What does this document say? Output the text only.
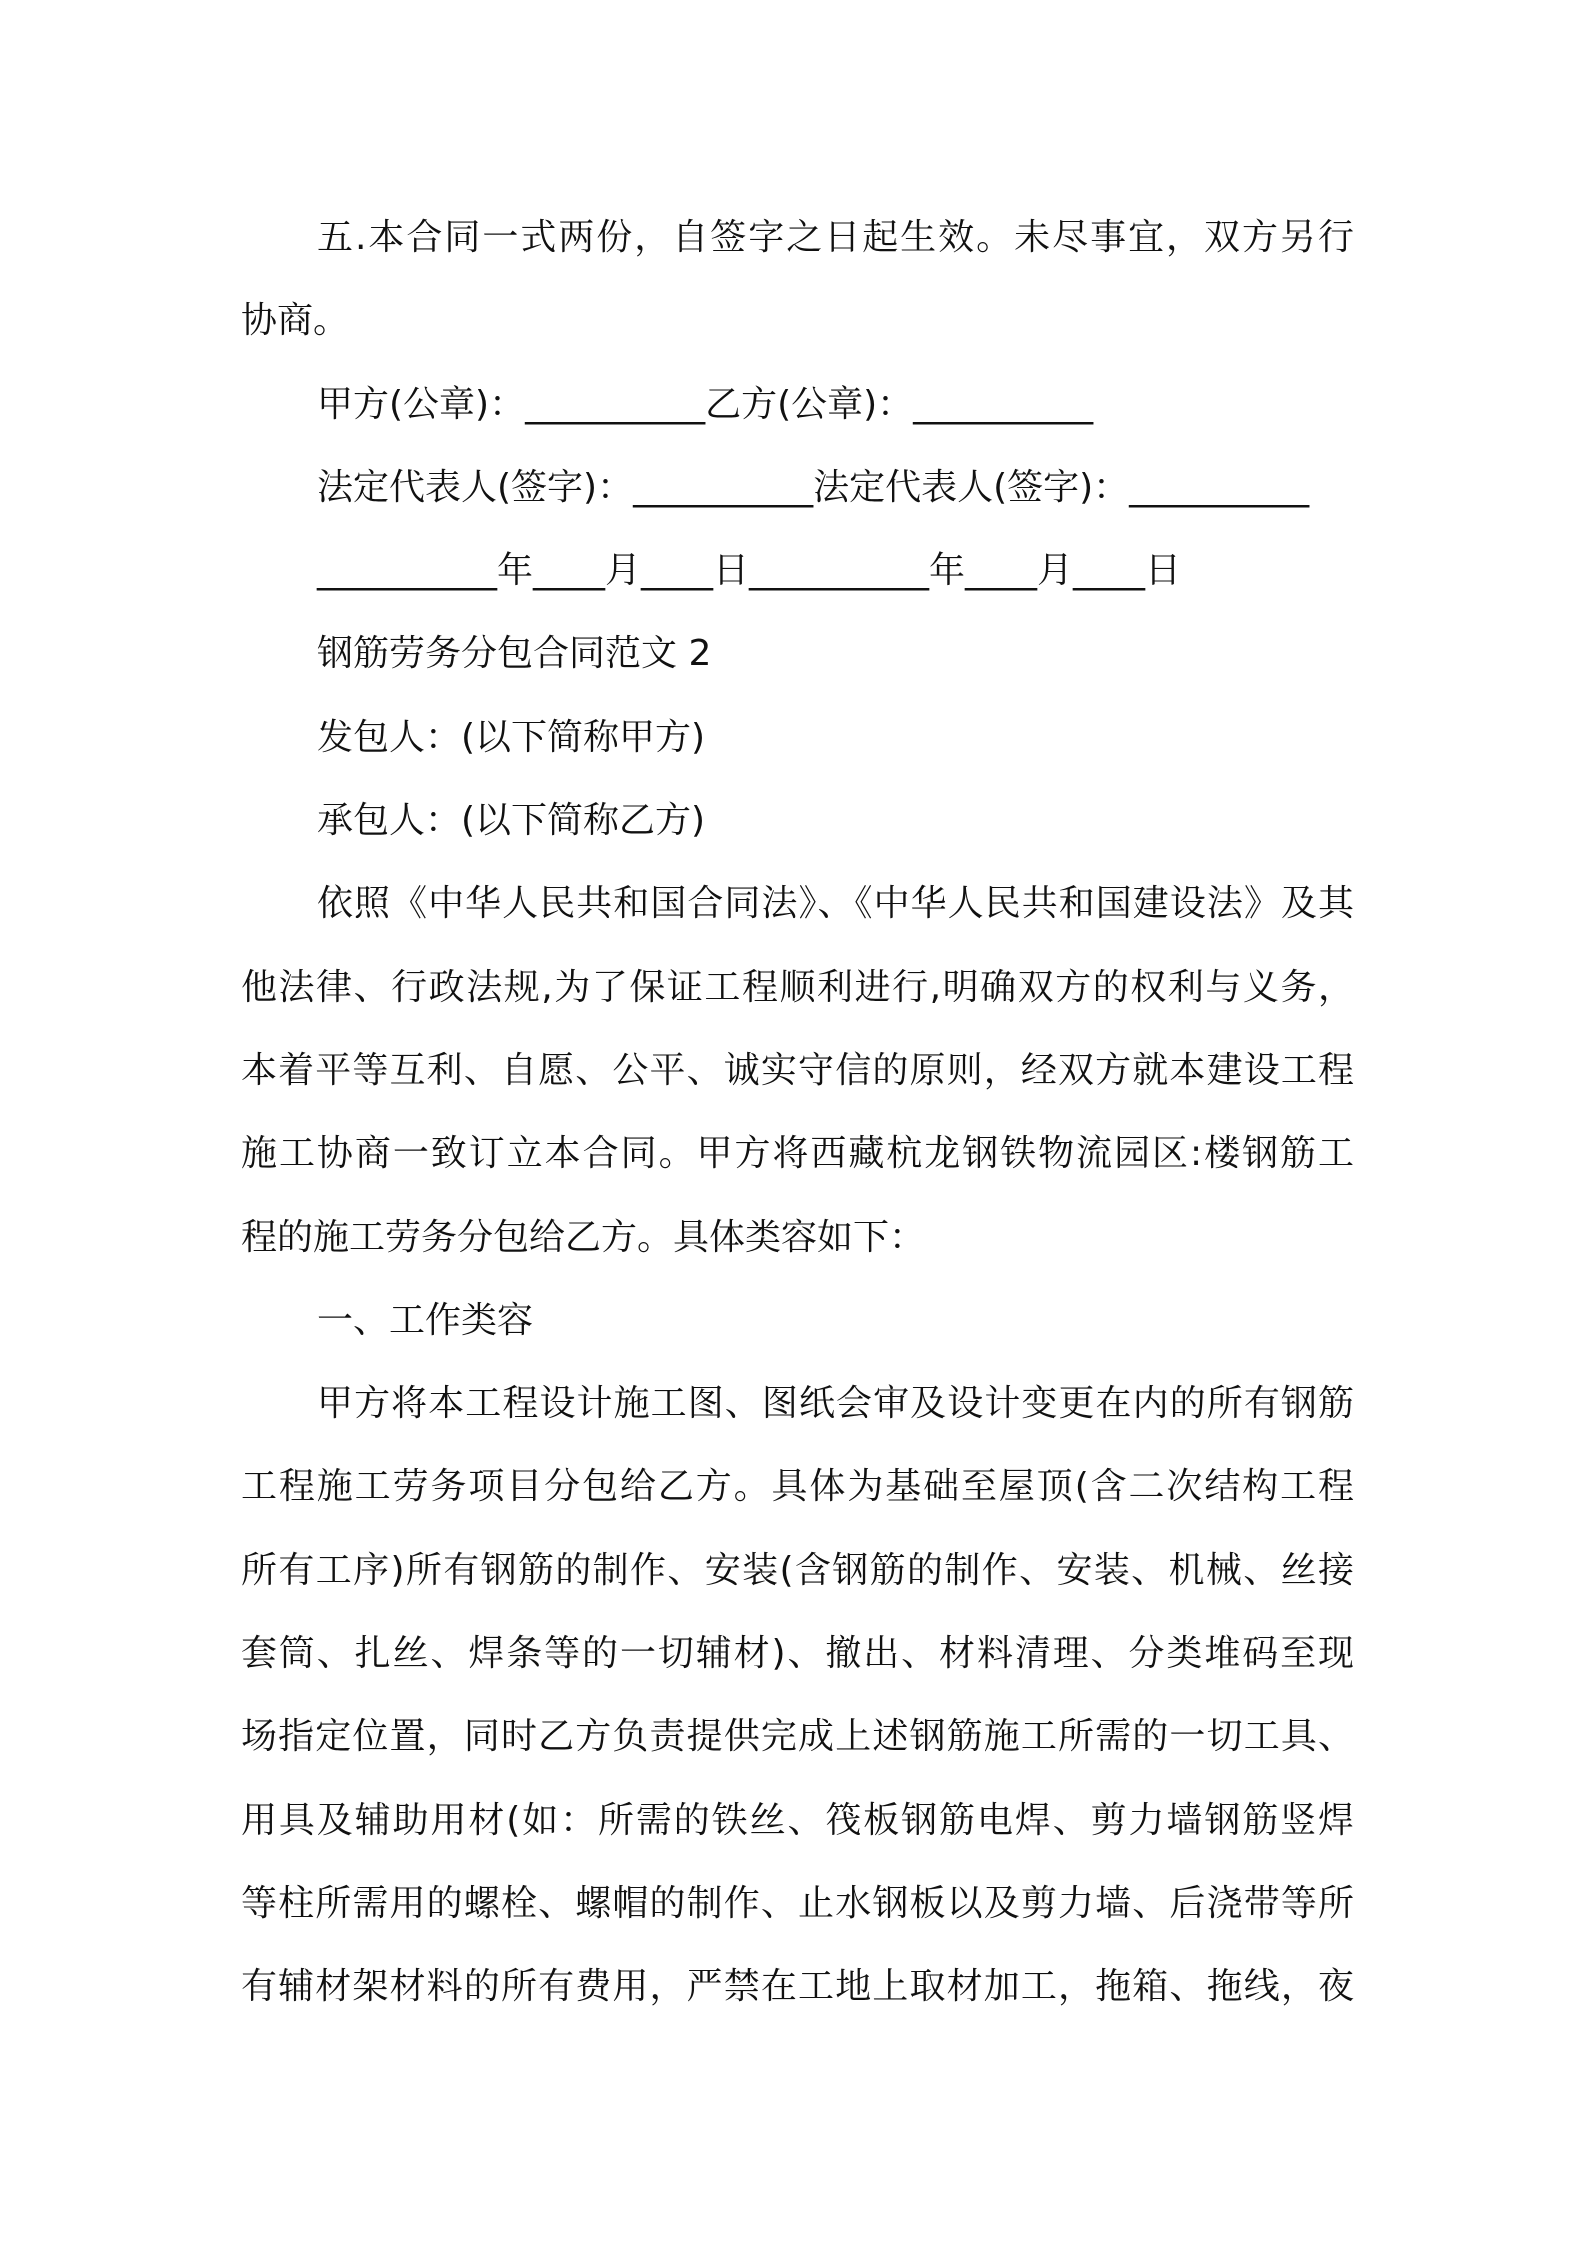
五.本合同一式两份，自签字之日起生效。未尽事宜，双方另行
协商。
甲方(公章)：__________乙方(公章)：__________
法定代表人(签字)：__________法定代表人(签字)：__________
__________年____月____日__________年____月____日
钢筋劳务分包合同范文 2
发包人：(以下简称甲方)
承包人：(以下简称乙方)
依照《中华人民共和国合同法》、《中华人民共和国建设法》及其
他法律、行政法规,为了保证工程顺利进行,明确双方的权利与义务，
本着平等互利、自愿、公平、诚实守信的原则，经双方就本建设工程
施工协商一致订立本合同。甲方将西藏杭龙钢铁物流园区:楼钢筋工
程的施工劳务分包给乙方。具体类容如下：
一、工作类容
甲方将本工程设计施工图、图纸会审及设计变更在内的所有钢筋
工程施工劳务项目分包给乙方。具体为基础至屋顶(含二次结构工程
所有工序)所有钢筋的制作、安装(含钢筋的制作、安装、机械、丝接
套筒、扎丝、焊条等的一切辅材)、撤出、材料清理、分类堆码至现
场指定位置，同时乙方负责提供完成上述钢筋施工所需的一切工具、
用具及辅助用材(如：所需的铁丝、筏板钢筋电焊、剪力墙钢筋竖焊
等柱所需用的螺栓、螺帽的制作、止水钢板以及剪力墙、后浇带等所
有辅材架材料的所有费用，严禁在工地上取材加工，拖箱、拖线，夜
